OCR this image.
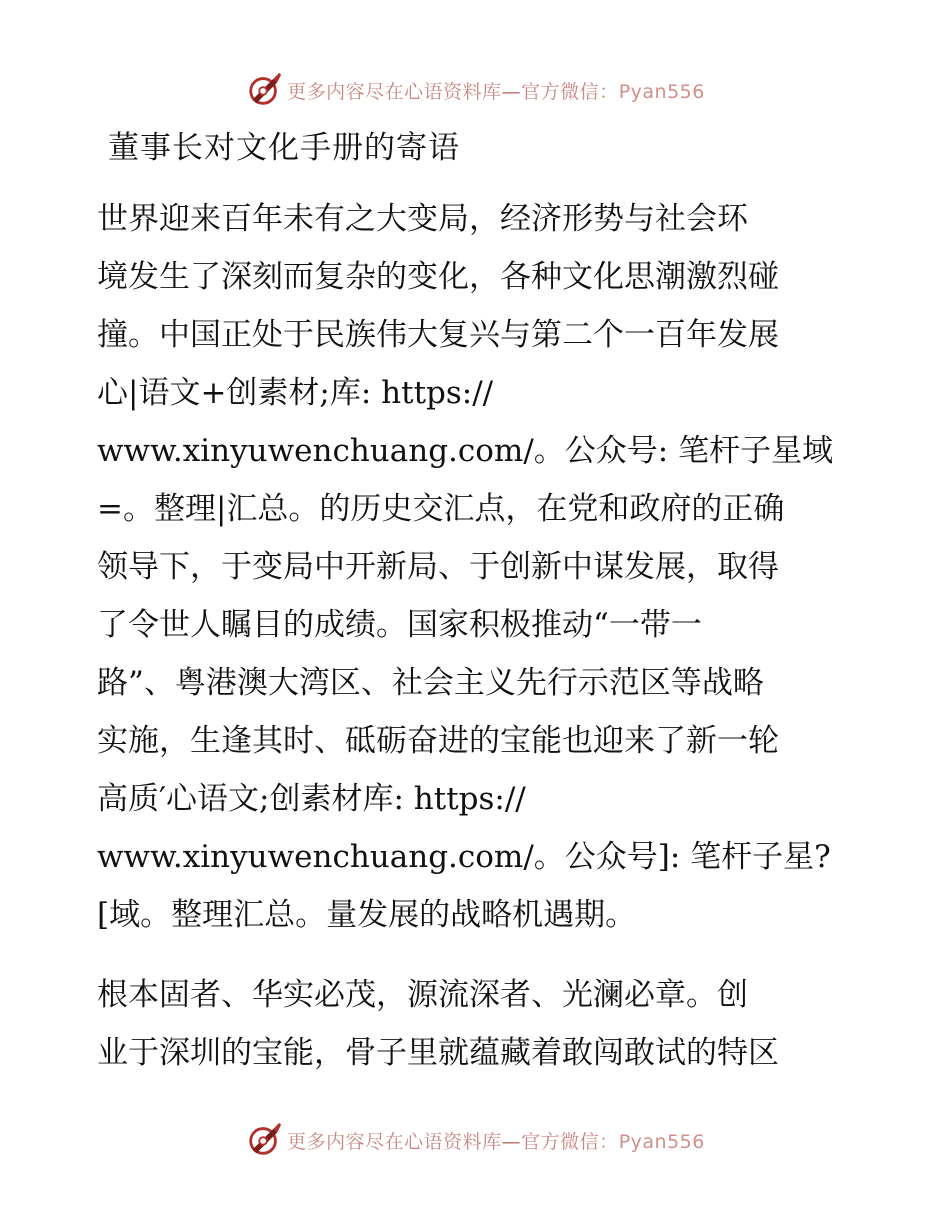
更多内容尽在心语资料库—官方微信：Pyan556
董事长对文化手册的寄语
世界迎来百年未有之大变局，经济形势与社会环
境发生了深刻而复杂的变化，各种文化思潮激烈碰
撞。中国正处于民族伟大复兴与第二个一百年发展
心|语文+创素材;库: https://
www.xinyuwenchuang.com/。公众号: 笔杆子星域
=。整理|汇总。的历史交汇点，在党和政府的正确
领导下，于变局中开新局、于创新中谋发展，取得
了令世人瞩目的成绩。国家积极推动“一带一
路”、粤港澳大湾区、社会主义先行示范区等战略
实施，生逢其时、砥砺奋进的宝能也迎来了新一轮
高质′心语文;创素材库: https://
www.xinyuwenchuang.com/。公众号]: 笔杆子星?
[域。整理汇总。量发展的战略机遇期。
根本固者、华实必茂，源流深者、光澜必章。创
业于深圳的宝能，骨子里就蕴藏着敢闯敢试的特区
更多内容尽在心语资料库—官方微信：Pyan556
